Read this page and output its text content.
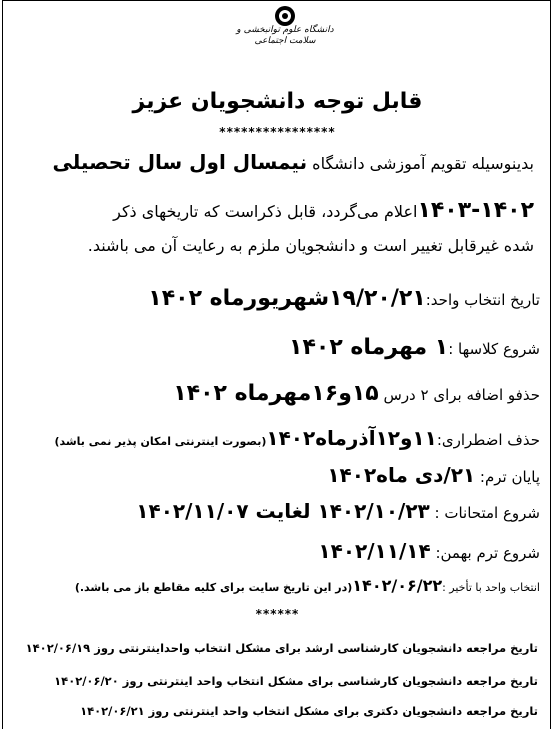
دانشگاه علوم توانبخشی و سلامت اجتماعی
قابل توجه دانشجویان عزیز
****************
بدینوسیله تقویم آموزشی دانشگاه نیمسال اول سال تحصیلی
۱۴۰۳-۱۴۰۲اعلام می‌گردد، قابل ذکراست که تاریخهای ذکر
شده غیرقابل تغییر است و دانشجویان ملزم به رعایت آن می باشند.
تاریخ انتخاب واحد:۱۹/۲۰/۲۱شهریورماه ۱۴۰۲
شروع کلاسها :۱ مهرماه ۱۴۰۲
حذفو اضافه برای ۲ درس ۱۵و۱۶مهرماه ۱۴۰۲
حذف اضطراری:۱۱و۱۲آذرماه۱۴۰۲(بصورت اینترنتی امکان پذیر نمی باشد)
پایان ترم: ۲۱/دی ماه۱۴۰۲
شروع امتحانات : ۱۴۰۲/۱۰/۲۳ لغایت ۱۴۰۲/۱۱/۰۷
شروع ترم بهمن: ۱۴۰۲/۱۱/۱۴
انتخاب واحد با تأخیر :۱۴۰۲/۰۶/۲۲(در این تاریخ سایت برای کلیه مقاطع باز می باشد.)
******
تاریخ مراجعه دانشجویان کارشناسی ارشد برای مشکل انتخاب واحداینترنتی روز ۱۴۰۲/۰۶/۱۹
تاریخ مراجعه دانشجویان کارشناسی برای مشکل انتخاب واحد اینترنتی روز ۱۴۰۲/۰۶/۲۰
تاریخ مراجعه دانشجویان دکتری برای مشکل انتخاب واحد اینترنتی روز ۱۴۰۲/۰۶/۲۱
